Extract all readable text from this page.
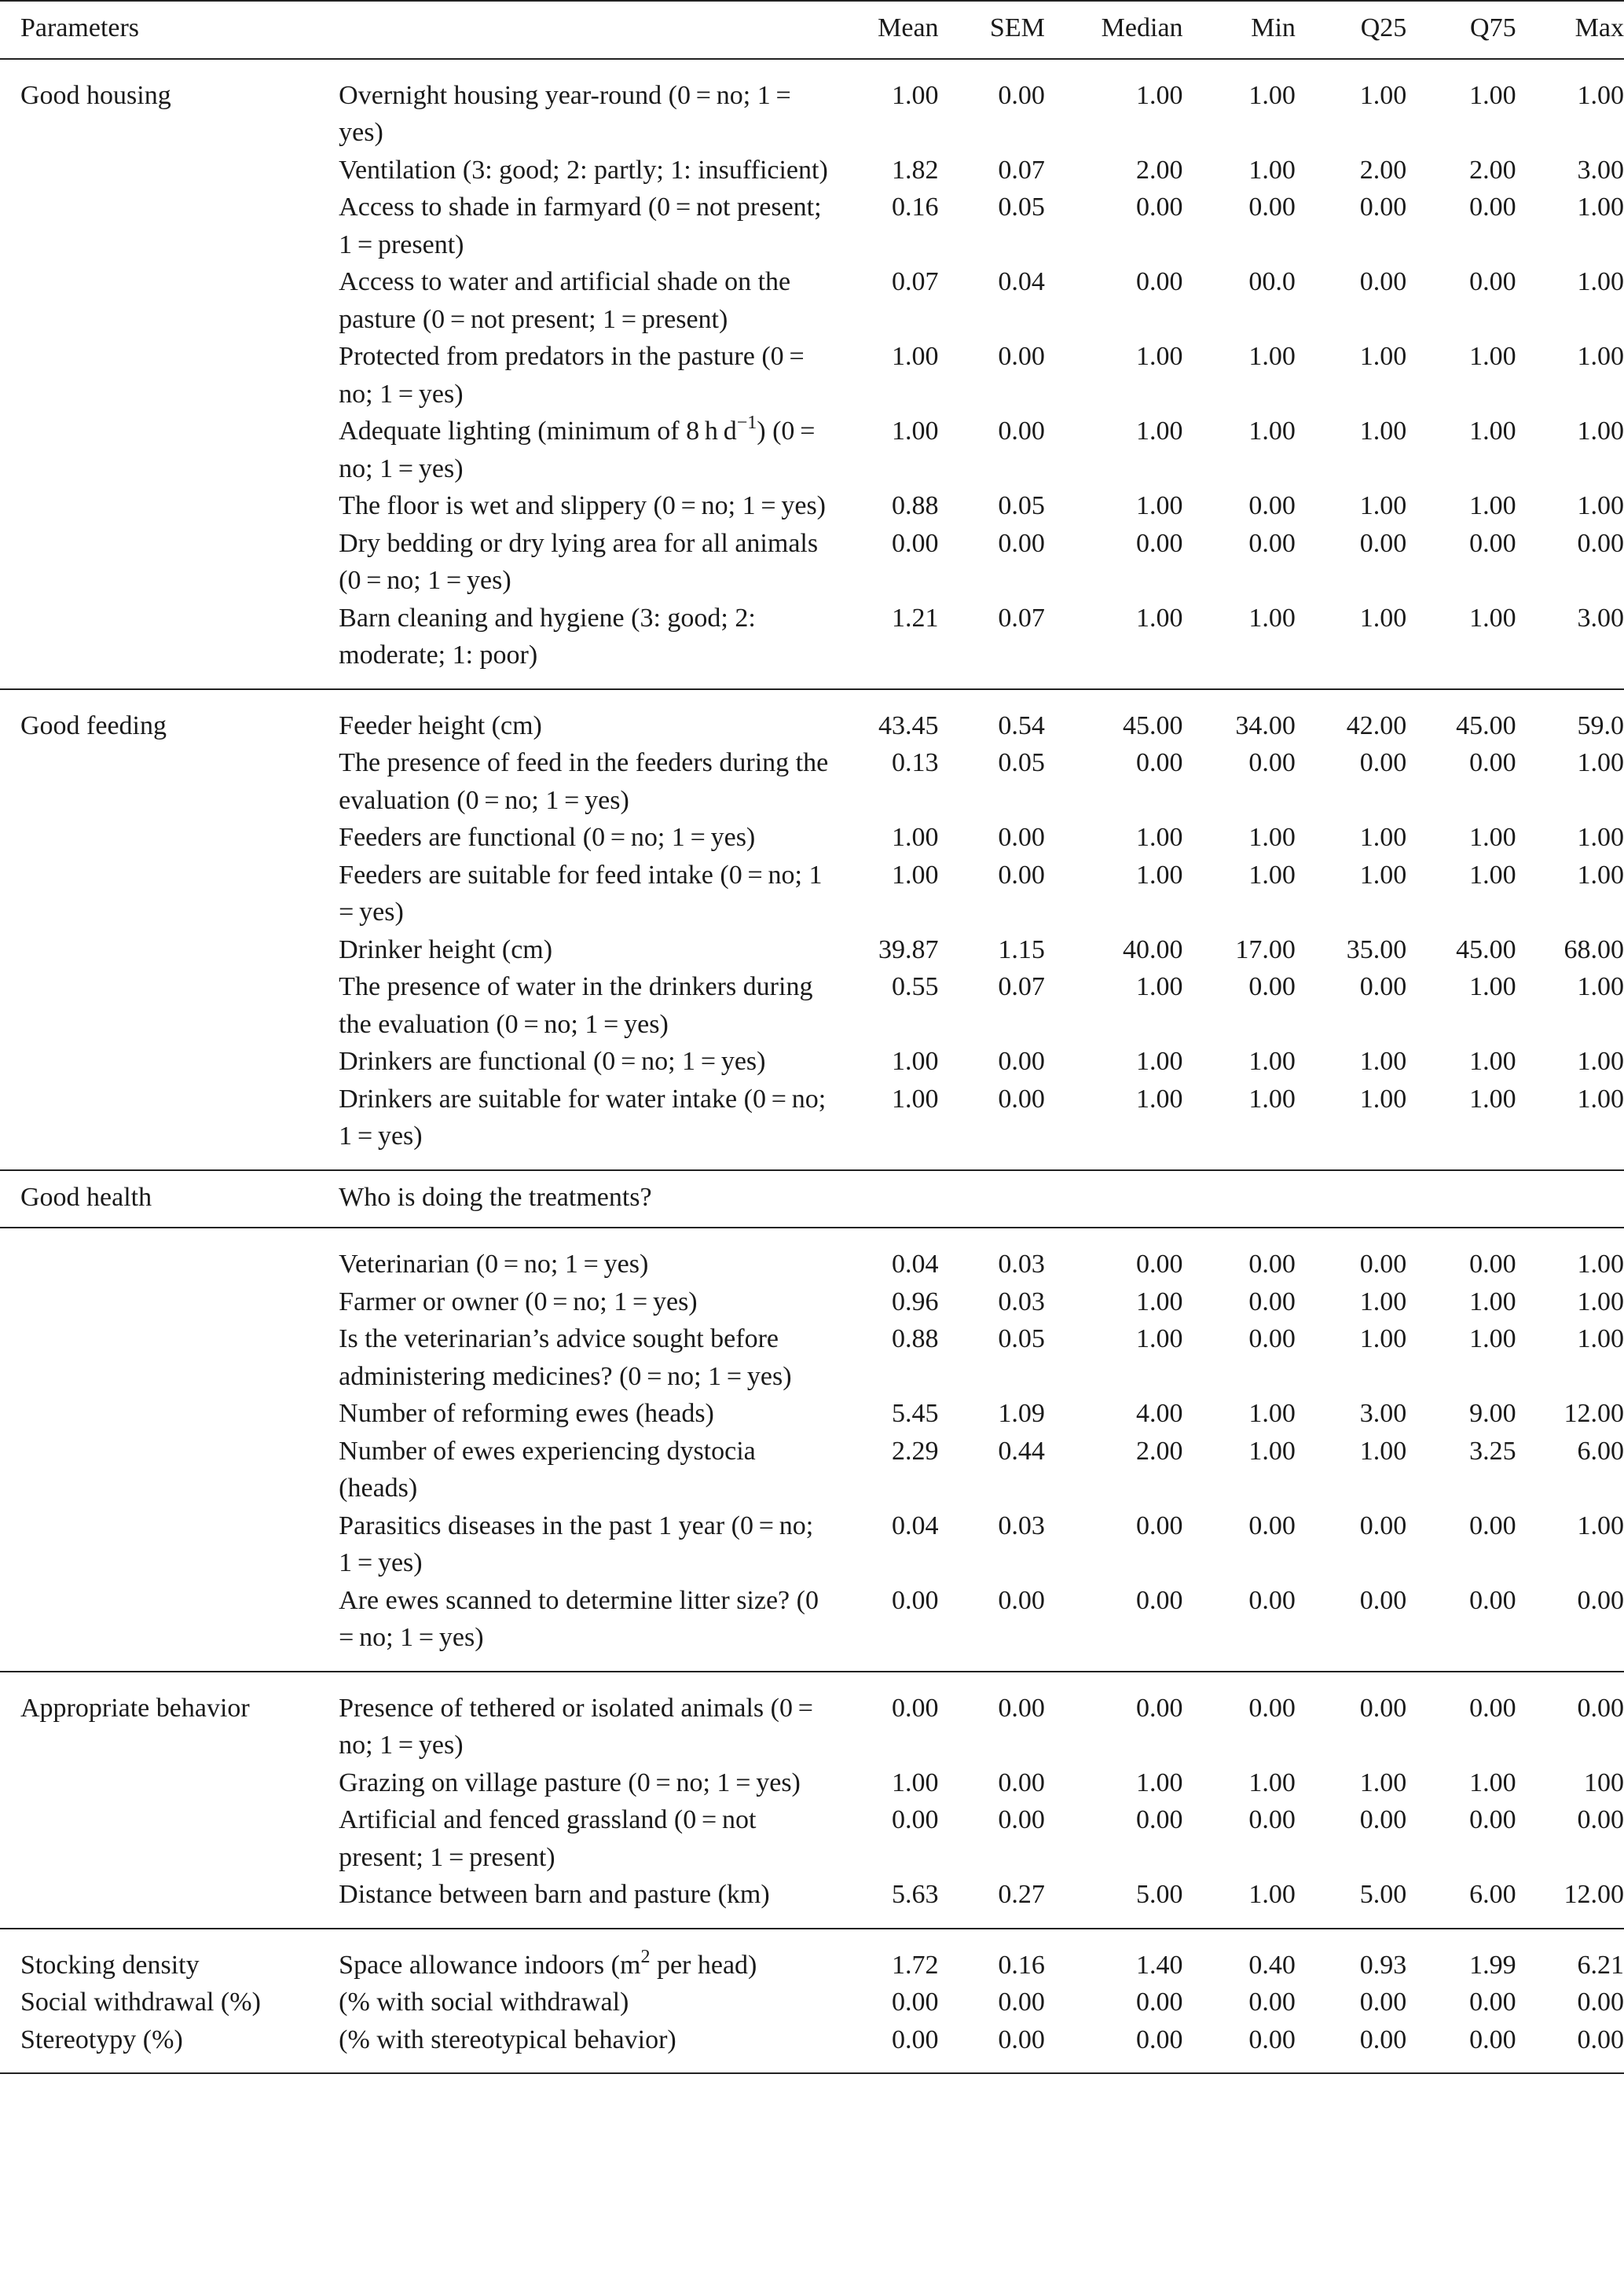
Parameters		Mean	SEM	Median	Min	Q25	Q75	Max
Good housing	Overnight housing year-round (0 = no; 1 = yes)	1.00	0.00	1.00	1.00	1.00	1.00	1.00
	Ventilation (3: good; 2: partly; 1: insufficient)	1.82	0.07	2.00	1.00	2.00	2.00	3.00
	Access to shade in farmyard (0 = not present; 1 = present)	0.16	0.05	0.00	0.00	0.00	0.00	1.00
	Access to water and artificial shade on the pasture (0 = not present; 1 = present)	0.07	0.04	0.00	00.0	0.00	0.00	1.00
	Protected from predators in the pasture (0 = no; 1 = yes)	1.00	0.00	1.00	1.00	1.00	1.00	1.00
	Adequate lighting (minimum of 8 h $d^{-1}$) (0 = no; 1 = yes)	1.00	0.00	1.00	1.00	1.00	1.00	1.00
	The floor is wet and slippery (0 = no; 1 = yes)	0.88	0.05	1.00	0.00	1.00	1.00	1.00
	Dry bedding or dry lying area for all animals (0 = no; 1 = yes)	0.00	0.00	0.00	0.00	0.00	0.00	0.00
	Barn cleaning and hygiene (3: good; 2: moderate; 1: poor)	1.21	0.07	1.00	1.00	1.00	1.00	3.00
Good feeding	Feeder height (cm)	43.45	0.54	45.00	34.00	42.00	45.00	59.0
	The presence of feed in the feeders during the evaluation (0 = no; 1 = yes)	0.13	0.05	0.00	0.00	0.00	0.00	1.00
	Feeders are functional (0 = no; 1 = yes)	1.00	0.00	1.00	1.00	1.00	1.00	1.00
	Feeders are suitable for feed intake (0 = no; 1 = yes)	1.00	0.00	1.00	1.00	1.00	1.00	1.00
	Drinker height (cm)	39.87	1.15	40.00	17.00	35.00	45.00	68.00
	The presence of water in the drinkers during the evaluation (0 = no; 1 = yes)	0.55	0.07	1.00	0.00	0.00	1.00	1.00
	Drinkers are functional (0 = no; 1 = yes)	1.00	0.00	1.00	1.00	1.00	1.00	1.00
	Drinkers are suitable for water intake (0 = no; 1 = yes)	1.00	0.00	1.00	1.00	1.00	1.00	1.00
Good health	Who is doing the treatments?							
	Veterinarian (0 = no; 1 = yes)	0.04	0.03	0.00	0.00	0.00	0.00	1.00
	Farmer or owner (0 = no; 1 = yes)	0.96	0.03	1.00	0.00	1.00	1.00	1.00
	Is the veterinarian’s advice sought before administering medicines? (0 = no; 1 = yes)	0.88	0.05	1.00	0.00	1.00	1.00	1.00
	Number of reforming ewes (heads)	5.45	1.09	4.00	1.00	3.00	9.00	12.00
	Number of ewes experiencing dystocia (heads)	2.29	0.44	2.00	1.00	1.00	3.25	6.00
	Parasitics diseases in the past 1 year (0 = no; 1 = yes)	0.04	0.03	0.00	0.00	0.00	0.00	1.00
	Are ewes scanned to determine litter size? (0 = no; 1 = yes)	0.00	0.00	0.00	0.00	0.00	0.00	0.00
Appropriate behavior	Presence of tethered or isolated animals (0 = no; 1 = yes)	0.00	0.00	0.00	0.00	0.00	0.00	0.00
	Grazing on village pasture (0 = no; 1 = yes)	1.00	0.00	1.00	1.00	1.00	1.00	100
	Artificial and fenced grassland (0 = not present; 1 = present)	0.00	0.00	0.00	0.00	0.00	0.00	0.00
	Distance between barn and pasture (km)	5.63	0.27	5.00	1.00	5.00	6.00	12.00
Stocking density	Space allowance indoors ($m^2$ per head)	1.72	0.16	1.40	0.40	0.93	1.99	6.21
Social withdrawal (%)	(% with social withdrawal)	0.00	0.00	0.00	0.00	0.00	0.00	0.00
Stereotypy (%)	(% with stereotypical behavior)	0.00	0.00	0.00	0.00	0.00	0.00	0.00
